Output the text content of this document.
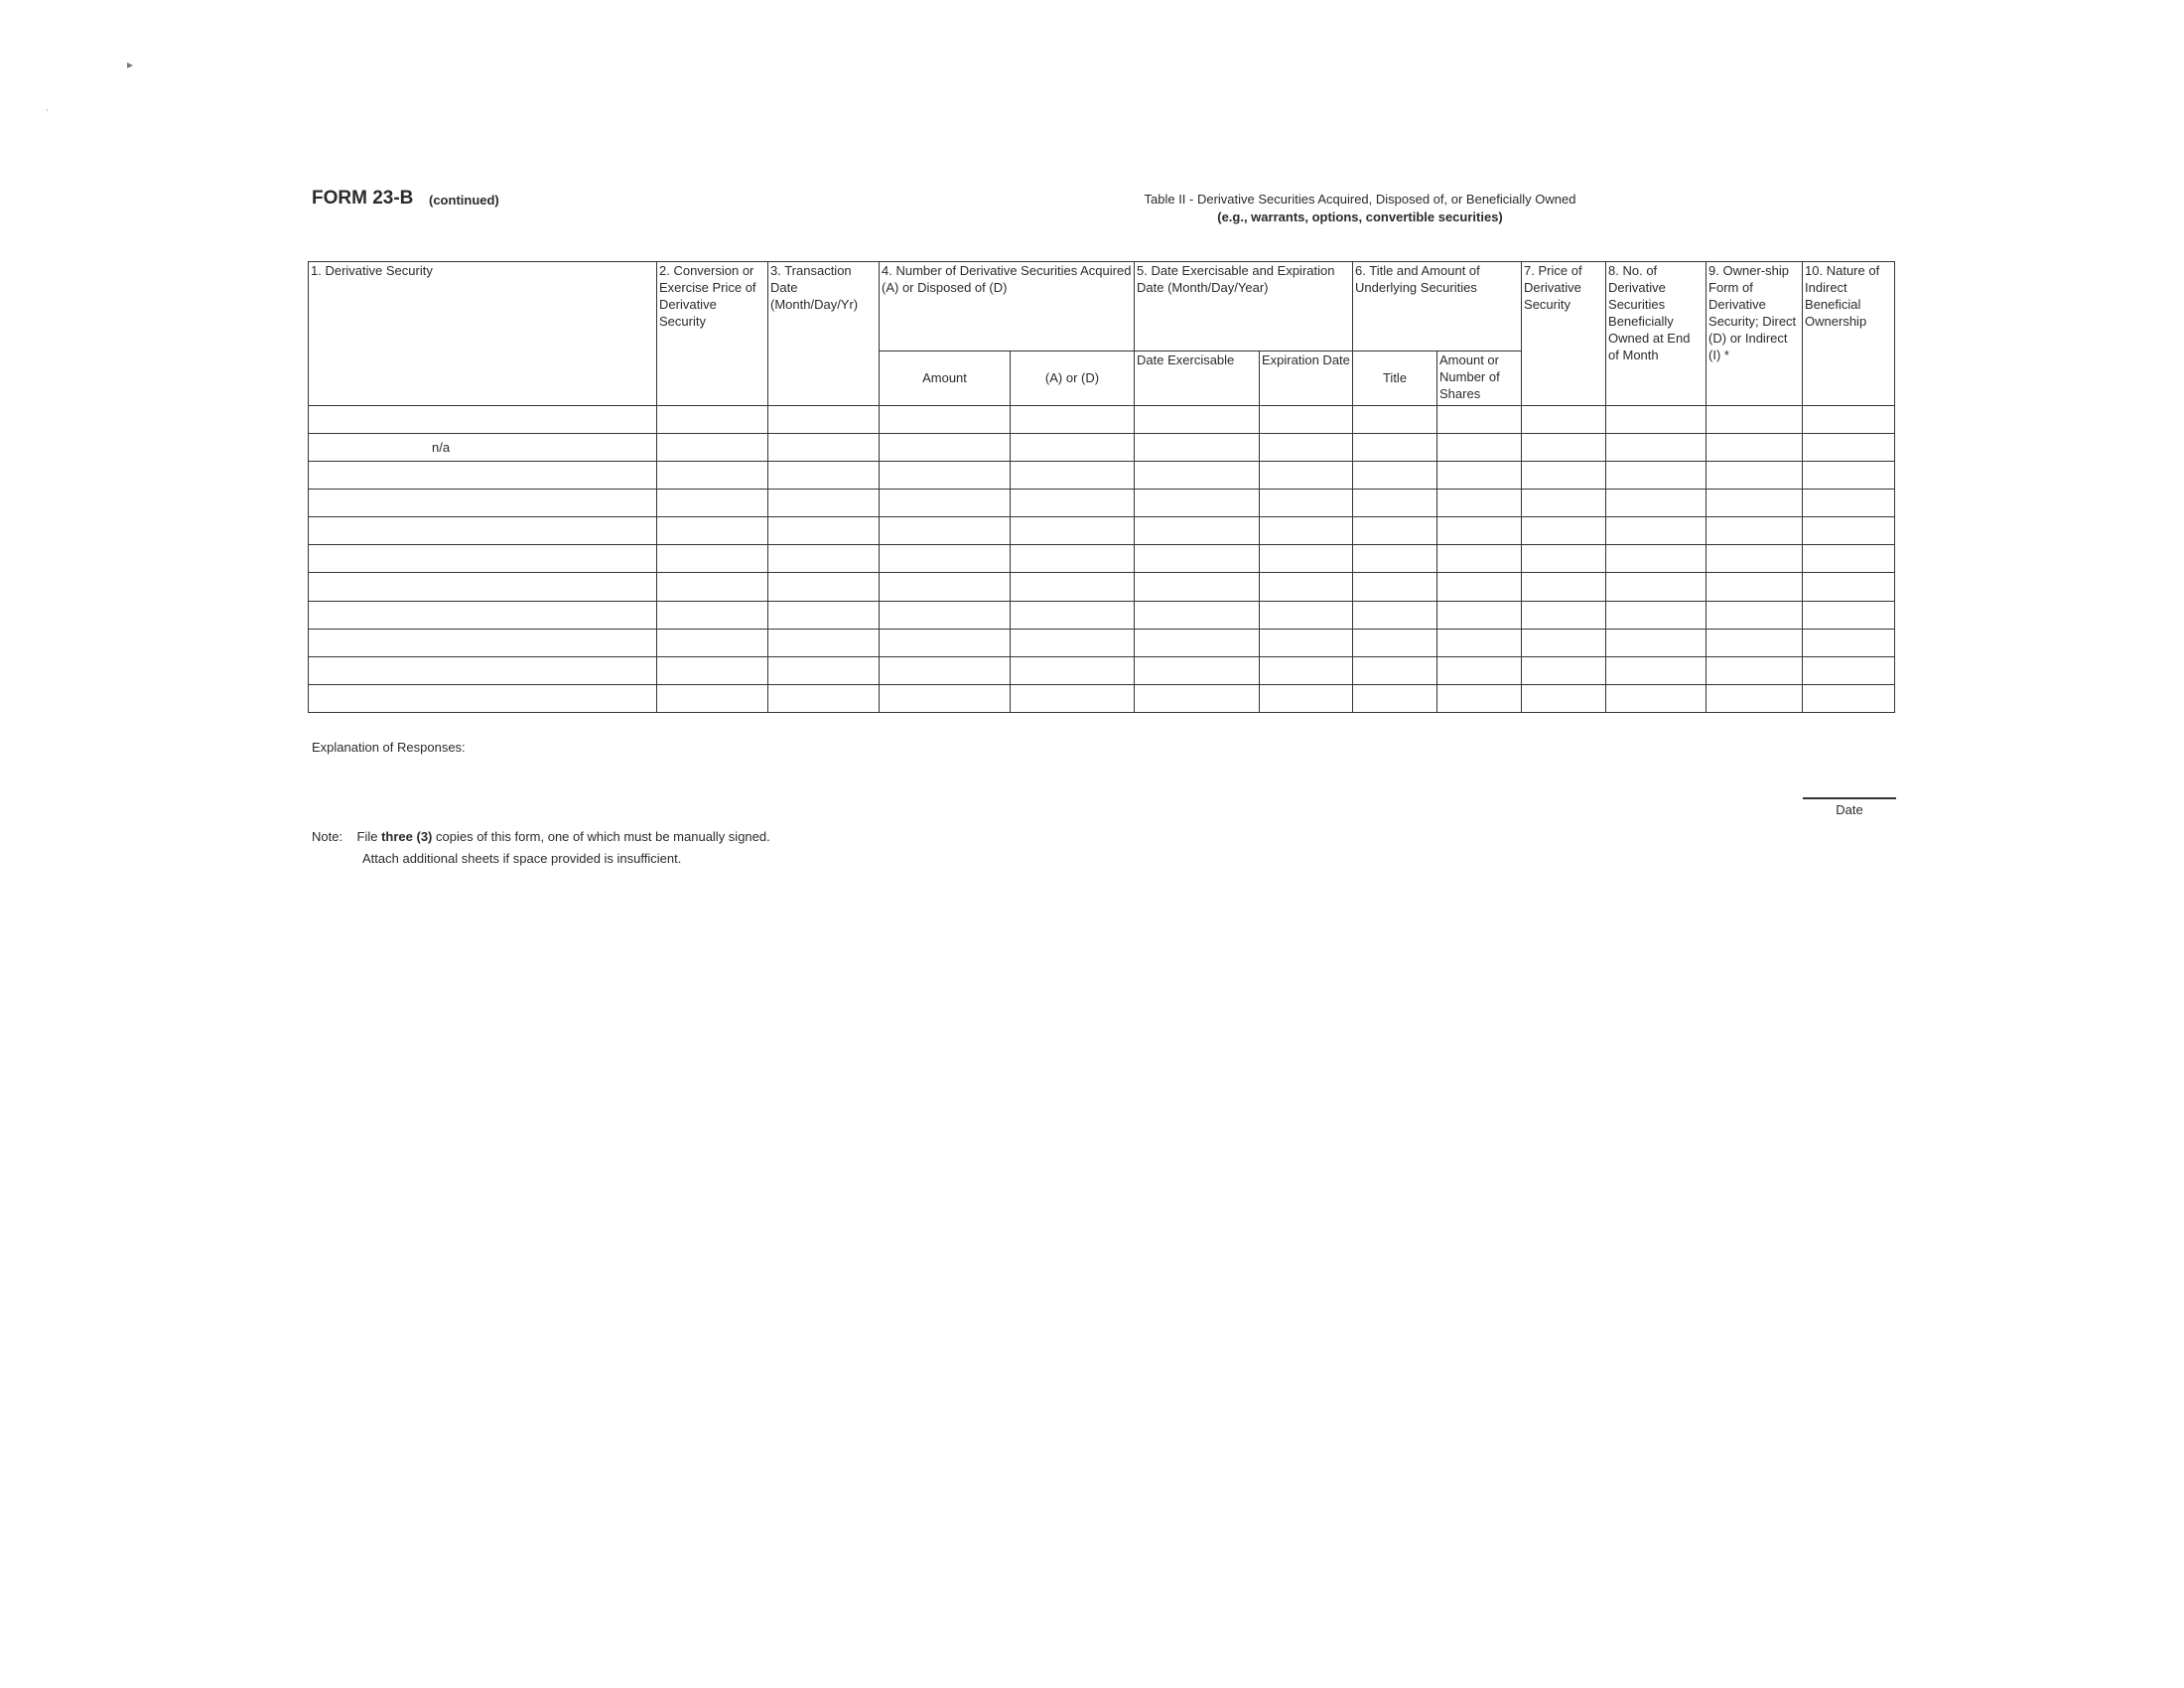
▸
˙
FORM 23-B (continued)	Table II - Derivative Securities Acquired, Disposed of, or Beneficially Owned
(e.g., warrants, options, convertible securities)
1. Derivative Security	2. Conversion or Exercise Price of Derivative Security	3. Transaction Date (Month/Day/Yr)	4. Number of Derivative Securities Acquired (A) or Disposed of (D)		5. Date Exercisable and Expiration Date (Month/Day/Year)		6. Title and Amount of Underlying Securities		7. Price of Derivative Security	8. No. of Derivative Securities Beneficially Owned at End of Month	9. Owner-ship Form of Derivative Security; Direct (D) or Indirect (I) *	10. Nature of Indirect Beneficial Ownership
			Amount	(A) or (D)	Date Exercisable	Expiration Date	Title	Amount or Number of Shares				

n/a												

Explanation of Responses:
Date
Note: File three (3) copies of this form, one of which must be manually signed.
Attach additional sheets if space provided is insufficient.
